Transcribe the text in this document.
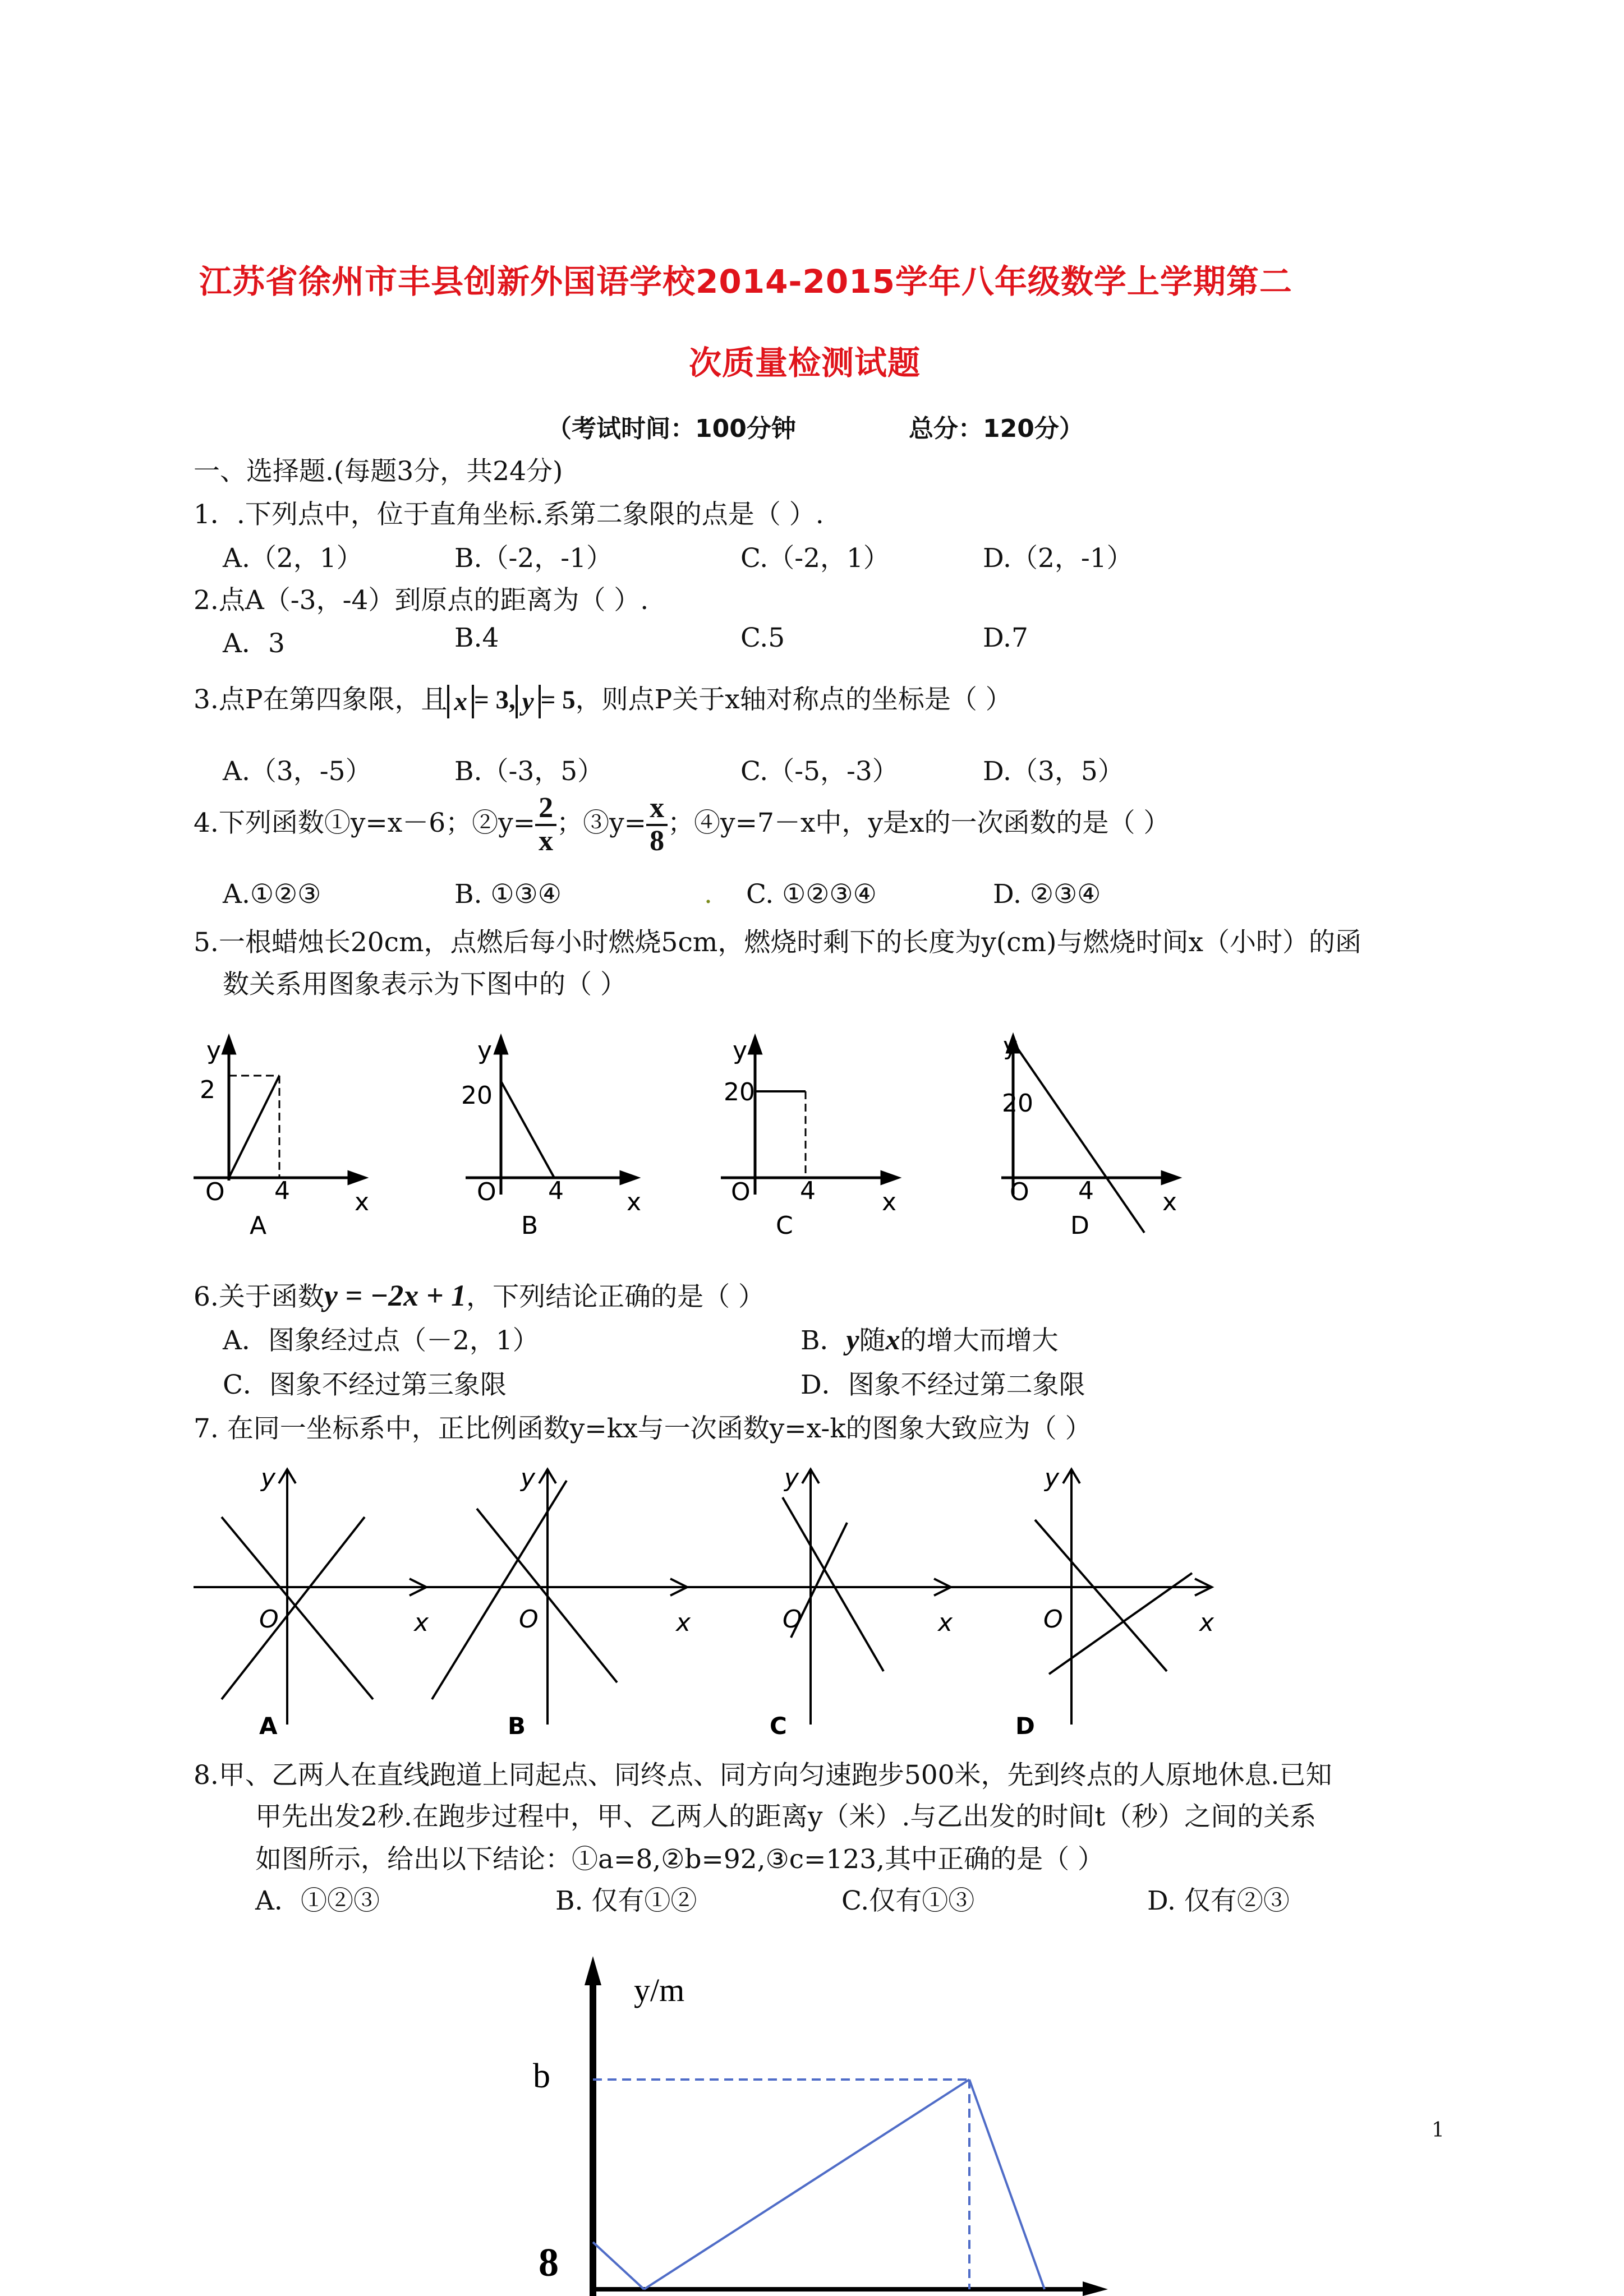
江苏省徐州市丰县创新外国语学校2014-2015学年八年级数学上学期第二
次质量检测试题
（考试时间：100分钟	总分：120分）
一、选择题.(每题3分，共24分)
1．.下列点中，位于直角坐标.系第二象限的点是（ ）.
A.（2，1）	B.（-2，-1）	C.（-2，1）	D.（2，-1）
2.点A（-3，-4）到原点的距离为（ ）.
A．3	B.4	C.5	D.7
3.点P在第四象限，且 x = 3, y = 5，则点P关于x轴对称点的坐标是（ ）
A.（3，-5）	B.（-3，5）	C.（-5，-3）	D.（3，5）
4.下列函数①y=x－6；②y= $\frac{2}{x}$ ；③y= $\frac{x}{8}$ ；④y=7－x中，y是x的一次函数的是（ ）
A.①②③	B. ①③④	. C. ①②③④	D. ②③④
5.一根蜡烛长20cm，点燃后每小时燃烧5cm，燃烧时剩下的长度为y(cm)与燃烧时间x（小时）的函
数关系用图象表示为下图中的（ ）
y
2
O 4	x
y
20
O 4	x
y
20
O 4	x
y
20
O 4	x
A	B	C	D
6.关于函数y = −2x + 1，下列结论正确的是（ ）
A．图象经过点（－2，1）	B．y随x的增大而增大
C．图象不经过第三象限	D．图象不经过第二象限
7. 在同一坐标系中，正比例函数y=kx与一次函数y=x-k的图象大致应为（ ）
y
O	x
y
O	x
y
O	x
y
O	x
A	B	C	D
8.甲、乙两人在直线跑道上同起点、同终点、同方向匀速跑步500米，先到终点的人原地休息.已知
甲先出发2秒.在跑步过程中，甲、乙两人的距离y（米）.与乙出发的时间t（秒）之间的关系
如图所示，给出以下结论：①a=8,②b=92,③c=123,其中正确的是（ ）
A．①②③	B. 仅有①②	C.仅有①③	D. 仅有②③
y/m
b
8
1
